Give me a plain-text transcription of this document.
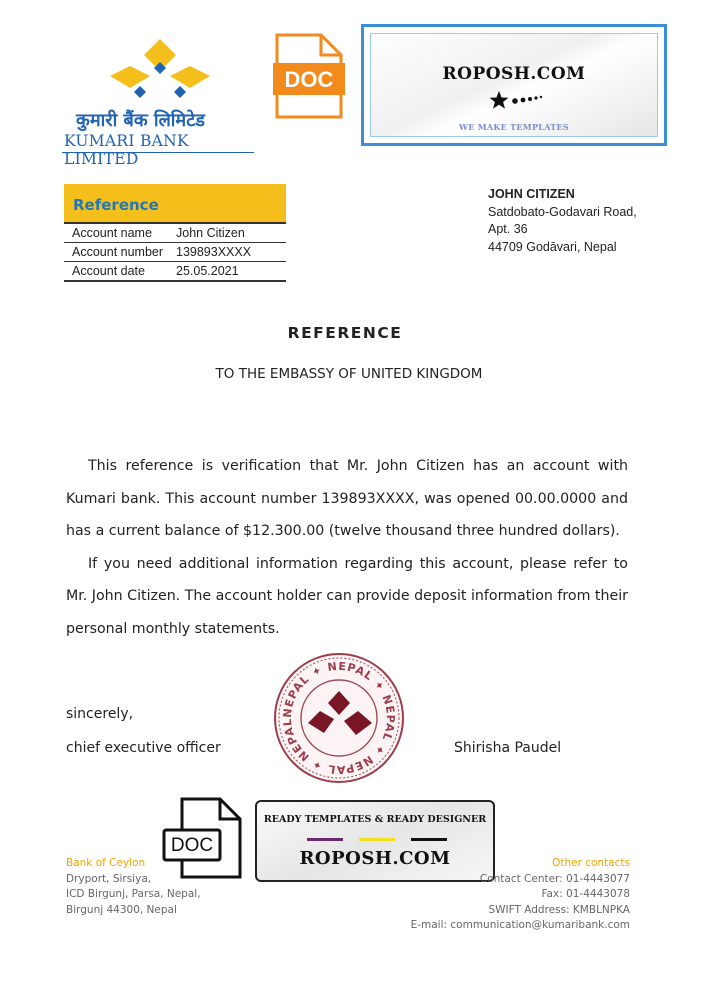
कुमारी बैंक लिमिटेड
KUMARI BANK LIMITED
DOC	ROPOSH.COM
WE MAKE TEMPLATES
Reference
Account name	John Citizen
Account number	139893XXXX
Account date	25.05.2021
JOHN CITIZEN
Satdobato-Godavari Road,
Apt. 36
44709 Godāvari, Nepal
REFERENCE
TO THE EMBASSY OF UNITED KINGDOM

This reference is verification that Mr. John Citizen has an account with Kumari bank. This account number 139893XXXX, was opened 00.00.0000 and has a current balance of $12.300.00 (twelve thousand three hundred dollars).

If you need additional information regarding this account, please refer to Mr. John Citizen. The account holder can provide deposit information from their personal monthly statements.

sincerely,
chief executive officer	Shirisha Paudel
NEPAL ✦ NEPAL ✦ NEPAL ✦ NEPAL ✦ NEPAL
DOC
READY TEMPLATES & READY DESIGNER
ROPOSH.COM
Bank of Ceylon
Dryport, Sirsiya,
ICD Birgunj, Parsa, Nepal,
Birgunj 44300, Nepal
Other contacts
Contact Center: 01-4443077
Fax: 01-4443078
SWIFT Address: KMBLNPKA
E-mail: communication@kumaribank.com
